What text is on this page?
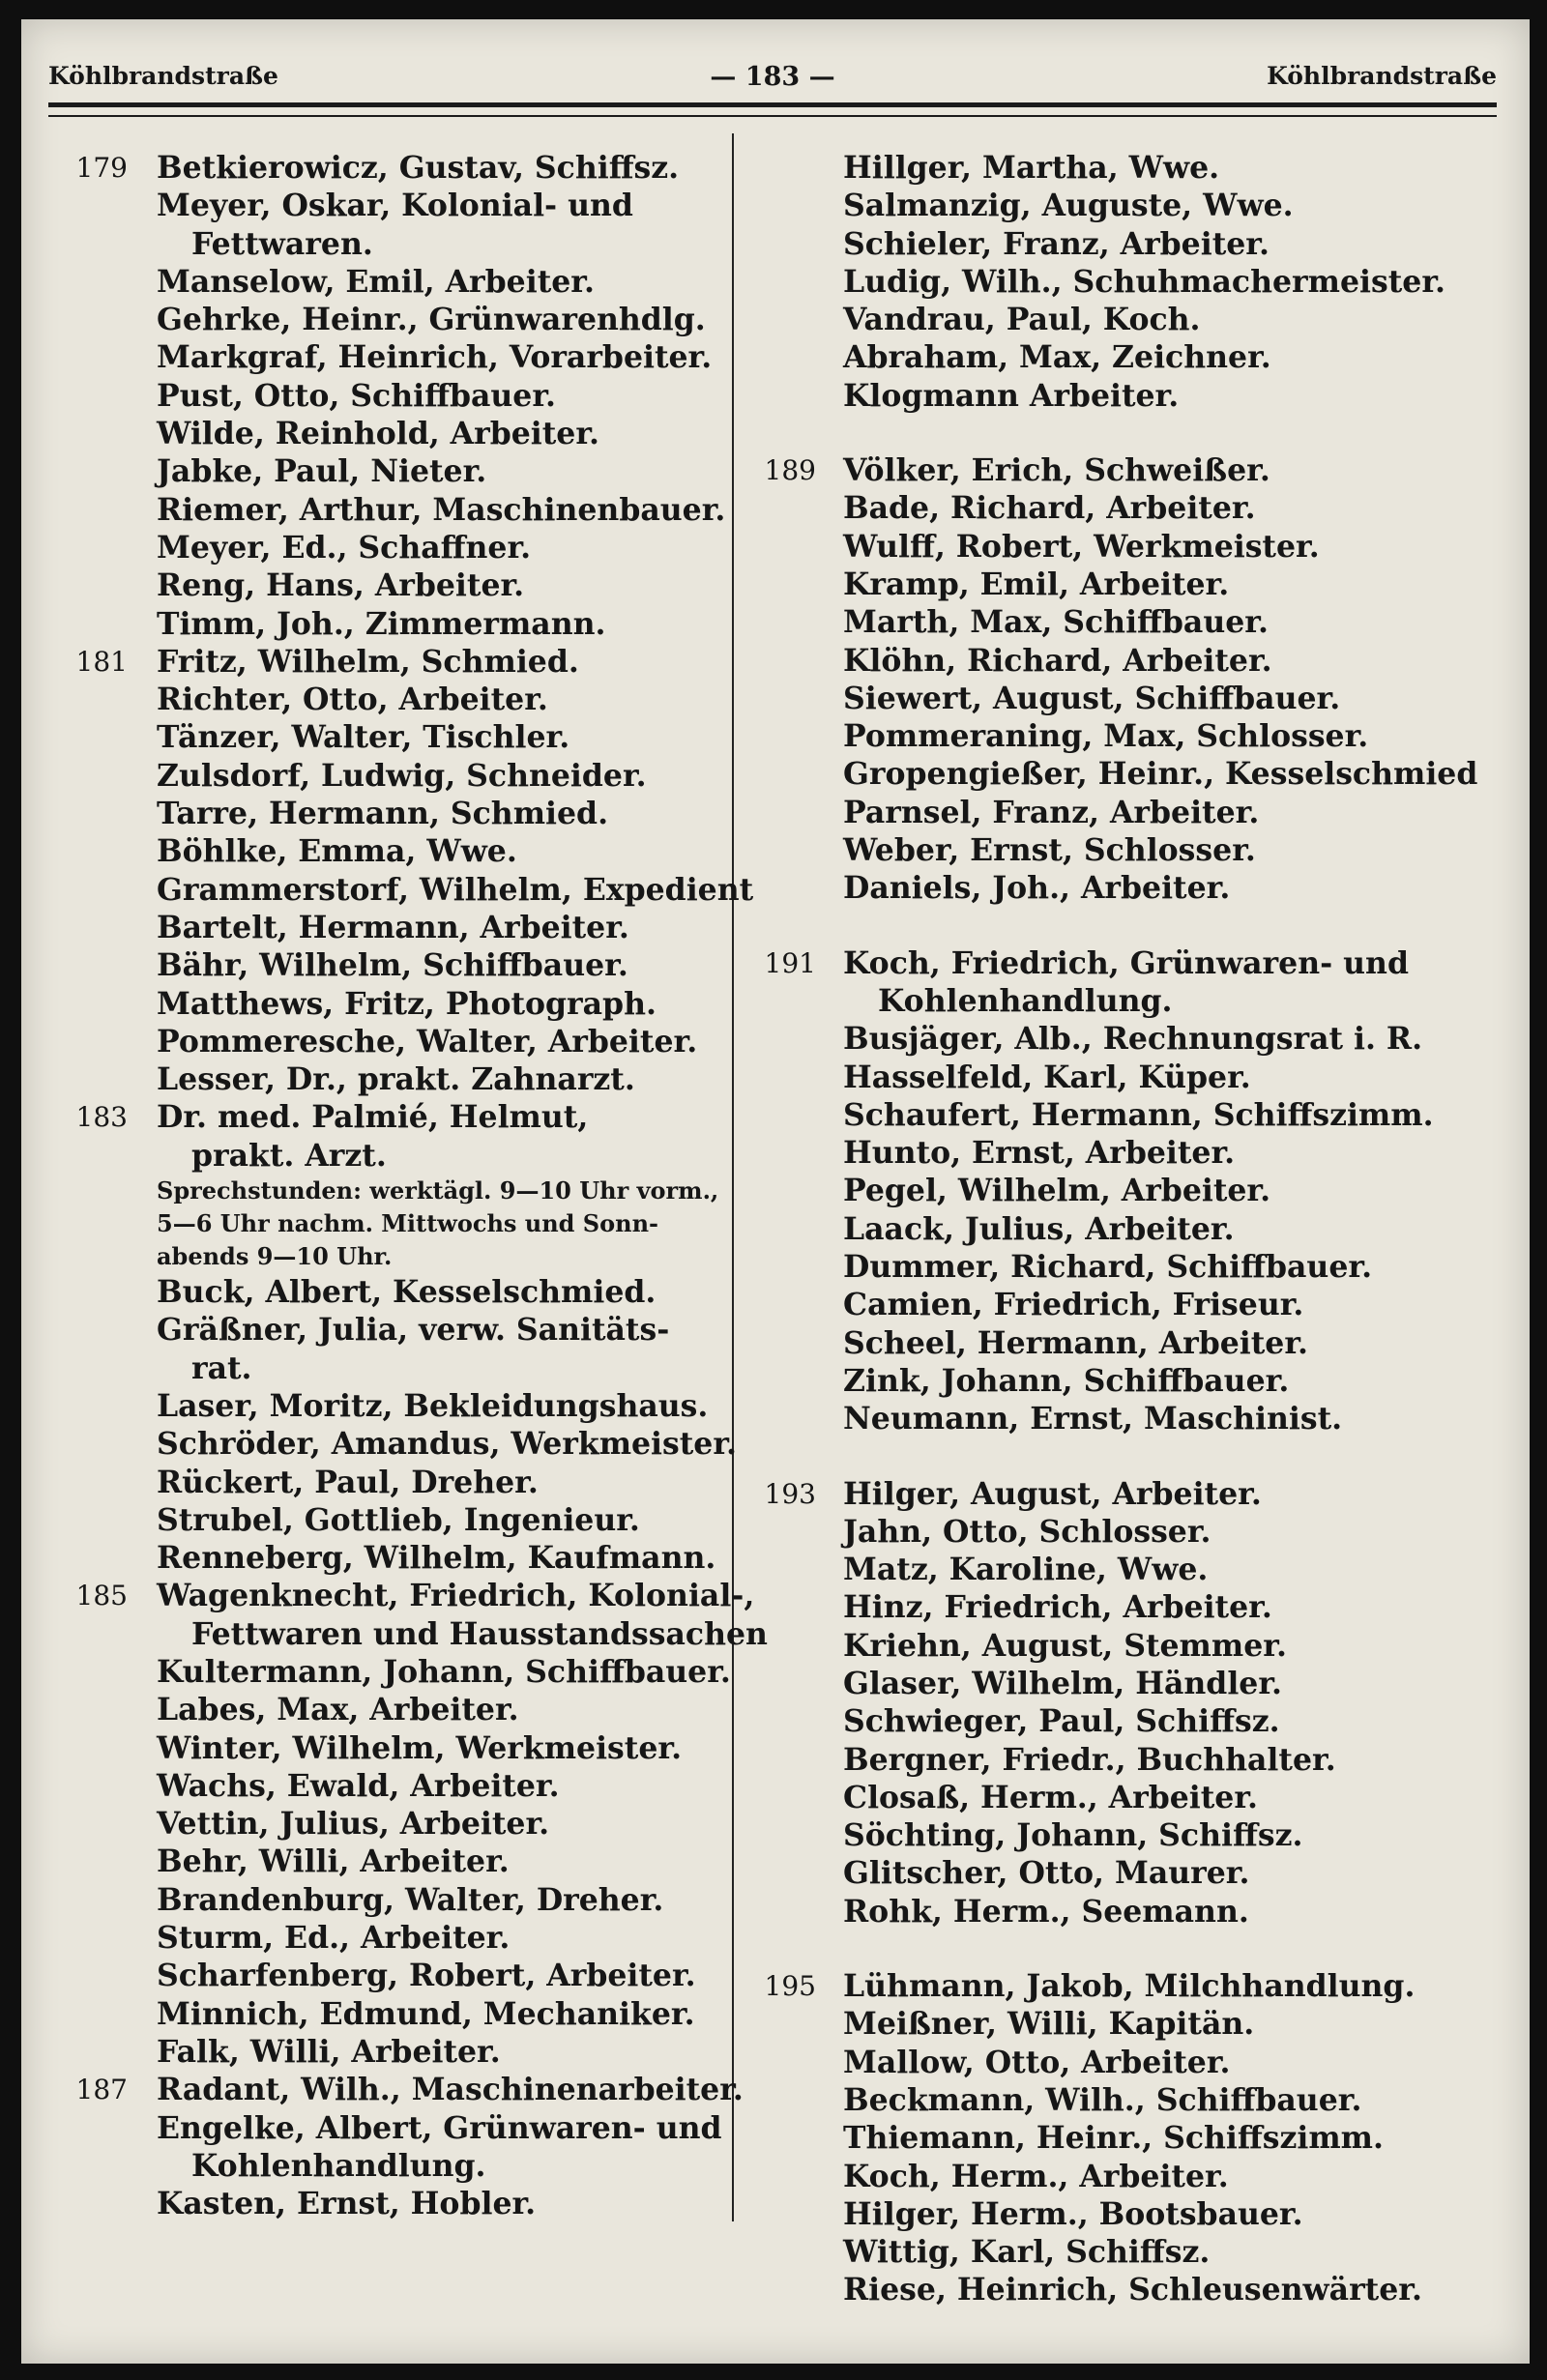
Köhlbrandstraße	— 183 —	Köhlbrandstraße
179 Betkierowicz, Gustav, Schiffsz.
Meyer, Oskar, Kolonial- und
Fettwaren.
Manselow, Emil, Arbeiter.
Gehrke, Heinr., Grünwarenhdlg.
Markgraf, Heinrich, Vorarbeiter.
Pust, Otto, Schiffbauer.
Wilde, Reinhold, Arbeiter.
Jabke, Paul, Nieter.
Riemer, Arthur, Maschinenbauer.
Meyer, Ed., Schaffner.
Reng, Hans, Arbeiter.
Timm, Joh., Zimmermann.
181 Fritz, Wilhelm, Schmied.
Richter, Otto, Arbeiter.
Tänzer, Walter, Tischler.
Zulsdorf, Ludwig, Schneider.
Tarre, Hermann, Schmied.
Böhlke, Emma, Wwe.
Grammerstorf, Wilhelm, Expedient
Bartelt, Hermann, Arbeiter.
Bähr, Wilhelm, Schiffbauer.
Matthews, Fritz, Photograph.
Pommeresche, Walter, Arbeiter.
Lesser, Dr., prakt. Zahnarzt.
183 Dr. med. Palmié, Helmut,
prakt. Arzt.
Sprechstunden: werktägl. 9—10 Uhr vorm.,
5—6 Uhr nachm. Mittwochs und Sonn-
abends 9—10 Uhr.
Buck, Albert, Kesselschmied.
Gräßner, Julia, verw. Sanitäts-
rat.
Laser, Moritz, Bekleidungshaus.
Schröder, Amandus, Werkmeister.
Rückert, Paul, Dreher.
Strubel, Gottlieb, Ingenieur.
Renneberg, Wilhelm, Kaufmann.
185 Wagenknecht, Friedrich, Kolonial-,
Fettwaren und Hausstandssachen
Kultermann, Johann, Schiffbauer.
Labes, Max, Arbeiter.
Winter, Wilhelm, Werkmeister.
Wachs, Ewald, Arbeiter.
Vettin, Julius, Arbeiter.
Behr, Willi, Arbeiter.
Brandenburg, Walter, Dreher.
Sturm, Ed., Arbeiter.
Scharfenberg, Robert, Arbeiter.
Minnich, Edmund, Mechaniker.
Falk, Willi, Arbeiter.
187 Radant, Wilh., Maschinenarbeiter.
Engelke, Albert, Grünwaren- und
Kohlenhandlung.
Kasten, Ernst, Hobler.
Hillger, Martha, Wwe.
Salmanzig, Auguste, Wwe.
Schieler, Franz, Arbeiter.
Ludig, Wilh., Schuhmachermeister.
Vandrau, Paul, Koch.
Abraham, Max, Zeichner.
Klogmann Arbeiter.
189 Völker, Erich, Schweißer.
Bade, Richard, Arbeiter.
Wulff, Robert, Werkmeister.
Kramp, Emil, Arbeiter.
Marth, Max, Schiffbauer.
Klöhn, Richard, Arbeiter.
Siewert, August, Schiffbauer.
Pommeraning, Max, Schlosser.
Gropengießer, Heinr., Kesselschmied
Parnsel, Franz, Arbeiter.
Weber, Ernst, Schlosser.
Daniels, Joh., Arbeiter.
191 Koch, Friedrich, Grünwaren- und
Kohlenhandlung.
Busjäger, Alb., Rechnungsrat i. R.
Hasselfeld, Karl, Küper.
Schaufert, Hermann, Schiffszimm.
Hunto, Ernst, Arbeiter.
Pegel, Wilhelm, Arbeiter.
Laack, Julius, Arbeiter.
Dummer, Richard, Schiffbauer.
Camien, Friedrich, Friseur.
Scheel, Hermann, Arbeiter.
Zink, Johann, Schiffbauer.
Neumann, Ernst, Maschinist.
193 Hilger, August, Arbeiter.
Jahn, Otto, Schlosser.
Matz, Karoline, Wwe.
Hinz, Friedrich, Arbeiter.
Kriehn, August, Stemmer.
Glaser, Wilhelm, Händler.
Schwieger, Paul, Schiffsz.
Bergner, Friedr., Buchhalter.
Closaß, Herm., Arbeiter.
Söchting, Johann, Schiffsz.
Glitscher, Otto, Maurer.
Rohk, Herm., Seemann.
195 Lühmann, Jakob, Milchhandlung.
Meißner, Willi, Kapitän.
Mallow, Otto, Arbeiter.
Beckmann, Wilh., Schiffbauer.
Thiemann, Heinr., Schiffszimm.
Koch, Herm., Arbeiter.
Hilger, Herm., Bootsbauer.
Wittig, Karl, Schiffsz.
Riese, Heinrich, Schleusenwärter.
